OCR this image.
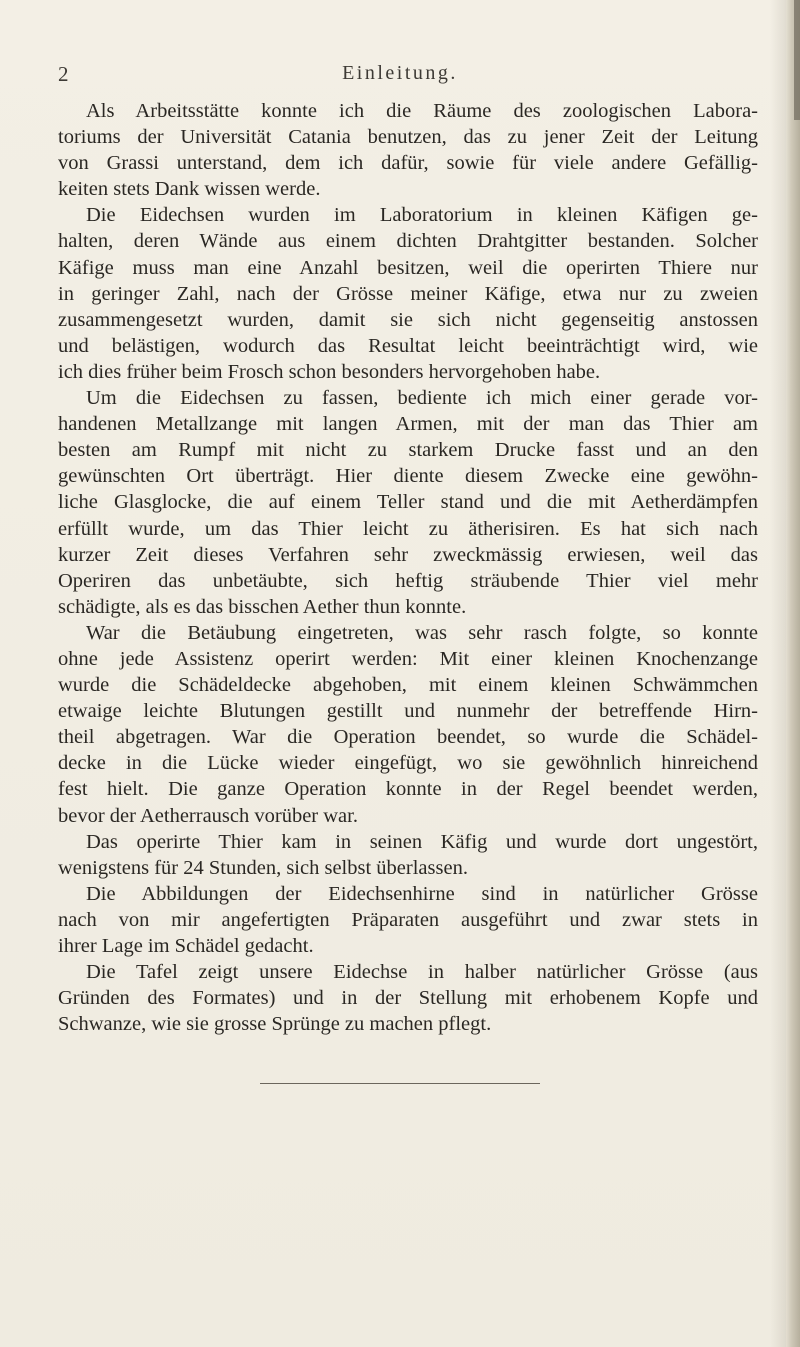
2	Einleitung.
Als Arbeitsstätte konnte ich die Räume des zoologischen Labora-
toriums der Universität Catania benutzen, das zu jener Zeit der Leitung
von Grassi unterstand, dem ich dafür, sowie für viele andere Gefällig-
keiten stets Dank wissen werde.
Die Eidechsen wurden im Laboratorium in kleinen Käfigen ge-
halten, deren Wände aus einem dichten Drahtgitter bestanden. Solcher
Käfige muss man eine Anzahl besitzen, weil die operirten Thiere nur
in geringer Zahl, nach der Grösse meiner Käfige, etwa nur zu zweien
zusammengesetzt wurden, damit sie sich nicht gegenseitig anstossen
und belästigen, wodurch das Resultat leicht beeinträchtigt wird, wie
ich dies früher beim Frosch schon besonders hervorgehoben habe.
Um die Eidechsen zu fassen, bediente ich mich einer gerade vor-
handenen Metallzange mit langen Armen, mit der man das Thier am
besten am Rumpf mit nicht zu starkem Drucke fasst und an den
gewünschten Ort überträgt. Hier diente diesem Zwecke eine gewöhn-
liche Glasglocke, die auf einem Teller stand und die mit Aetherdämpfen
erfüllt wurde, um das Thier leicht zu ätherisiren. Es hat sich nach
kurzer Zeit dieses Verfahren sehr zweckmässig erwiesen, weil das
Operiren das unbetäubte, sich heftig sträubende Thier viel mehr
schädigte, als es das bisschen Aether thun konnte.
War die Betäubung eingetreten, was sehr rasch folgte, so konnte
ohne jede Assistenz operirt werden: Mit einer kleinen Knochenzange
wurde die Schädeldecke abgehoben, mit einem kleinen Schwämmchen
etwaige leichte Blutungen gestillt und nunmehr der betreffende Hirn-
theil abgetragen. War die Operation beendet, so wurde die Schädel-
decke in die Lücke wieder eingefügt, wo sie gewöhnlich hinreichend
fest hielt. Die ganze Operation konnte in der Regel beendet werden,
bevor der Aetherrausch vorüber war.
Das operirte Thier kam in seinen Käfig und wurde dort ungestört,
wenigstens für 24 Stunden, sich selbst überlassen.
Die Abbildungen der Eidechsenhirne sind in natürlicher Grösse
nach von mir angefertigten Präparaten ausgeführt und zwar stets in
ihrer Lage im Schädel gedacht.
Die Tafel zeigt unsere Eidechse in halber natürlicher Grösse (aus
Gründen des Formates) und in der Stellung mit erhobenem Kopfe und
Schwanze, wie sie grosse Sprünge zu machen pflegt.
